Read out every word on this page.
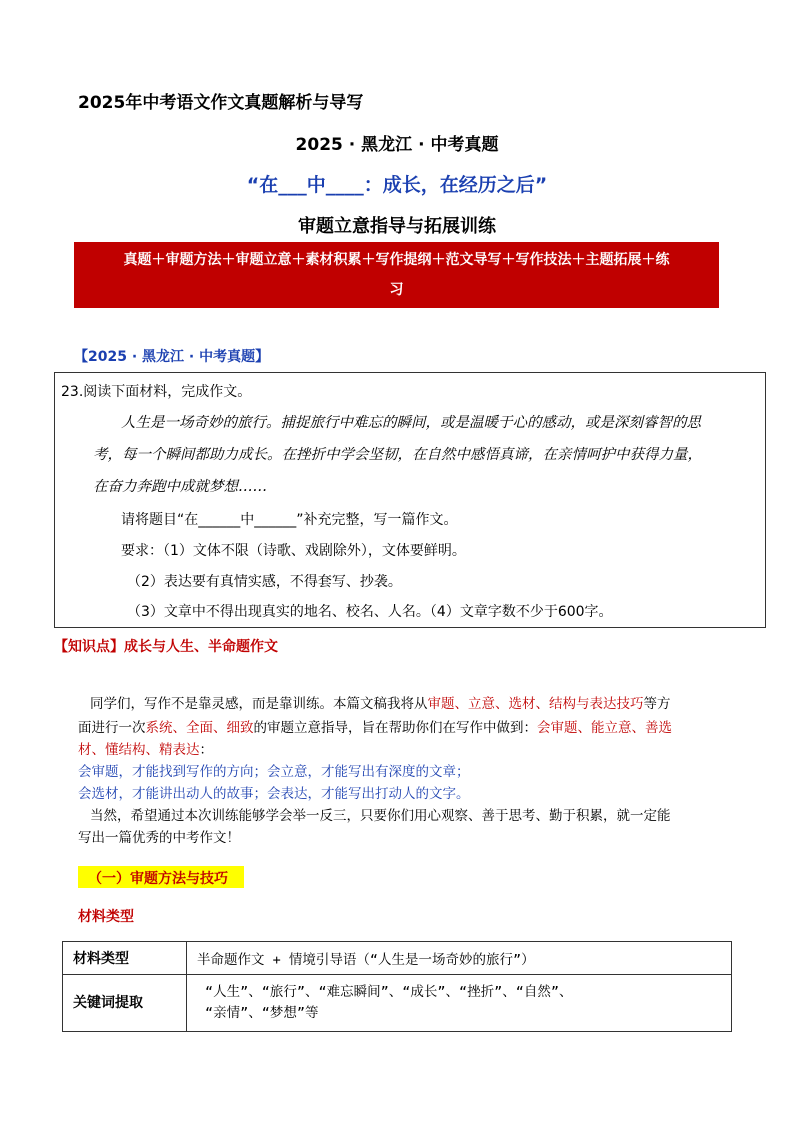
2025年中考语文作文真题解析与导写
2025 · 黑龙江 · 中考真题
“在___中____：成长，在经历之后”
审题立意指导与拓展训练
真题＋审题方法＋审题立意＋素材积累＋写作提纲＋范文导写＋写作技法＋主题拓展＋练
习
【2025 · 黑龙江 · 中考真题】
23.阅读下面材料，完成作文。
人生是一场奇妙的旅行。捕捉旅行中难忘的瞬间，或是温暖于心的感动，或是深刻睿智的思
考，每一个瞬间都助力成长。在挫折中学会坚韧，在自然中感悟真谛，在亲情呵护中获得力量，
在奋力奔跑中成就梦想……
请将题目“在______中______”补充完整，写一篇作文。
要求：（1）文体不限（诗歌、戏剧除外），文体要鲜明。
（2）表达要有真情实感，不得套写、抄袭。
（3）文章中不得出现真实的地名、校名、人名。（4）文章字数不少于600字。
【知识点】成长与人生、半命题作文
同学们，写作不是靠灵感，而是靠训练。本篇文稿我将从审题、立意、选材、结构与表达技巧等方
面进行一次系统、全面、细致的审题立意指导，旨在帮助你们在写作中做到：会审题、能立意、善选
材、懂结构、精表达：
会审题，才能找到写作的方向；会立意，才能写出有深度的文章；
会选材，才能讲出动人的故事；会表达，才能写出打动人的文字。
当然，希望通过本次训练能够学会举一反三，只要你们用心观察、善于思考、勤于积累，就一定能
写出一篇优秀的中考作文！
（一）审题方法与技巧
材料类型
材料类型	半命题作文 + 情境引导语（“人生是一场奇妙的旅行”）
关键词提取	“人生”、“旅行”、“难忘瞬间”、“成长”、“挫折”、“自然”、
“亲情”、“梦想”等
